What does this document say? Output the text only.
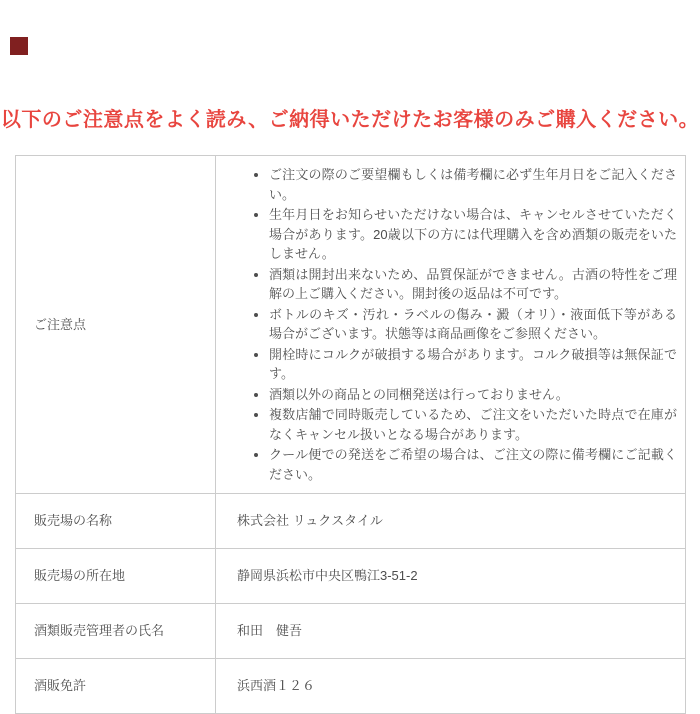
以下のご注意点をよく読み、ご納得いただけたお客様のみご購入ください。
ご注意点	
• ご注文の際のご要望欄もしくは備考欄に必ず生年月日をご記入ください。
• 生年月日をお知らせいただけない場合は、キャンセルさせていただく場合があります。20歳以下の方には代理購入を含め酒類の販売をいたしません。
• 酒類は開封出来ないため、品質保証ができません。古酒の特性をご理解の上ご購入ください。開封後の返品は不可です。
• ボトルのキズ・汚れ・ラベルの傷み・澱（オリ）・液面低下等がある場合がございます。状態等は商品画像をご参照ください。
• 開栓時にコルクが破損する場合があります。コルク破損等は無保証です。
• 酒類以外の商品との同梱発送は行っておりません。
• 複数店舗で同時販売しているため、ご注文をいただいた時点で在庫がなくキャンセル扱いとなる場合があります。
• クール便での発送をご希望の場合は、ご注文の際に備考欄にご記載ください。

販売場の名称	株式会社 リュクスタイル
販売場の所在地	静岡県浜松市中央区鴨江3-51-2
酒類販売管理者の氏名	和田　健吾
酒販免許	浜西酒１２６
